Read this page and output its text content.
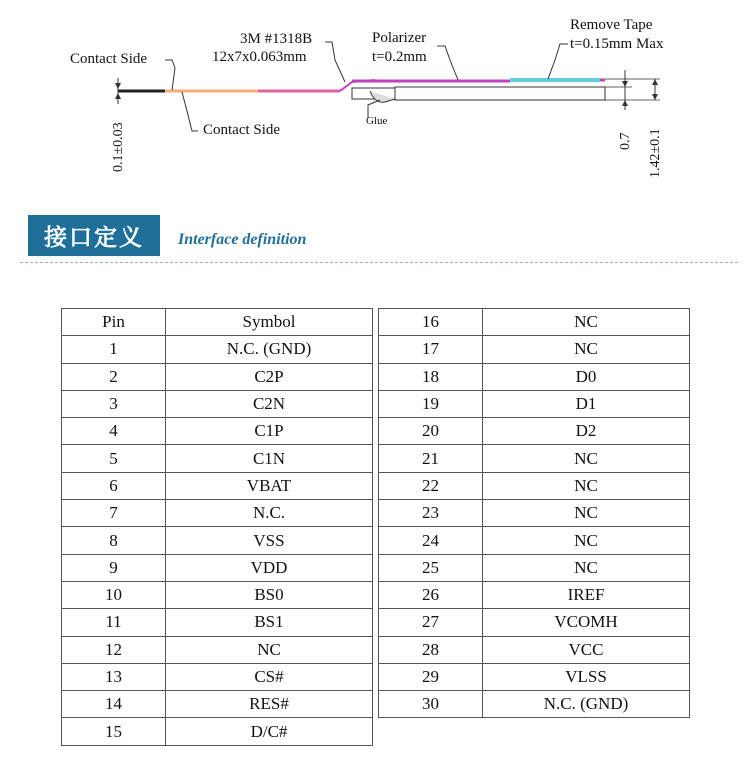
Contact Side
Contact Side
3M #1318B
12x7x0.063mm
Polarizer
t=0.2mm
Remove Tape
t=0.15mm Max
Glue
0.1±0.03	0.7 1.42±0.1
接口定义	Interface definition
Pin	Symbol
1	N.C. (GND)
2	C2P
3	C2N
4	C1P
5	C1N
6	VBAT
7	N.C.
8	VSS
9	VDD
10	BS0
11	BS1
12	NC
13	CS#
14	RES#
15	D/C#
16	NC
17	NC
18	D0
19	D1
20	D2
21	NC
22	NC
23	NC
24	NC
25	NC
26	IREF
27	VCOMH
28	VCC
29	VLSS
30	N.C. (GND)
